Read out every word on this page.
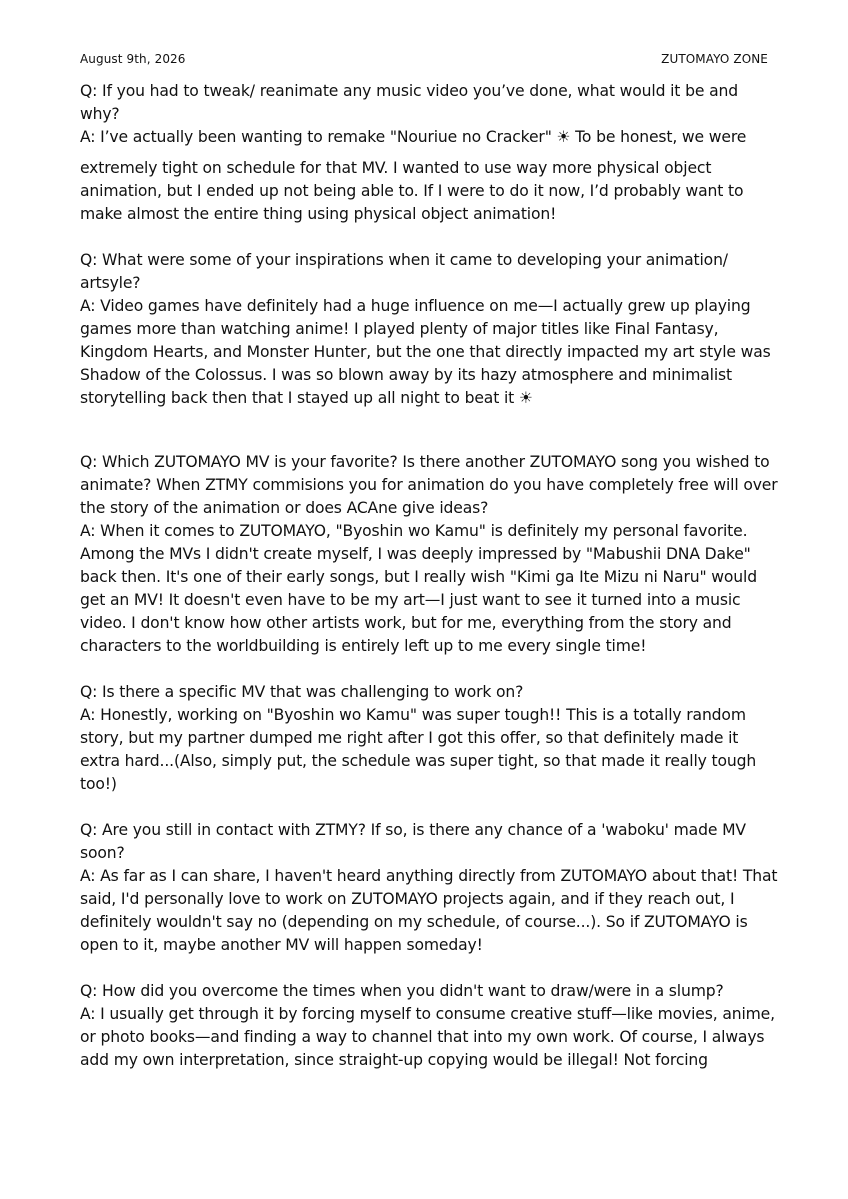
August 9th, 2026	ZUTOMAYO ZONE

Q: If you had to tweak/ reanimate any music video you’ve done, what would it be and why?

A: I’ve actually been wanting to remake "Nouriue no Cracker" ☀︎ To be honest, we were
extremely tight on schedule for that MV. I wanted to use way more physical object animation, but I ended up not being able to. If I were to do it now, I’d probably want to make almost the entire thing using physical object animation!

Q: What were some of your inspirations when it came to developing your animation/ artsyle?

A: Video games have definitely had a huge influence on me—I actually grew up playing games more than watching anime! I played plenty of major titles like Final Fantasy, Kingdom Hearts, and Monster Hunter, but the one that directly impacted my art style was Shadow of the Colossus. I was so blown away by its hazy atmosphere and minimalist storytelling back then that I stayed up all night to beat it ☀︎

Q: Which ZUTOMAYO MV is your favorite? Is there another ZUTOMAYO song you wished to animate? When ZTMY commisions you for animation do you have completely free will over the story of the animation or does ACAne give ideas?

A: When it comes to ZUTOMAYO, "Byoshin wo Kamu" is definitely my personal favorite. Among the MVs I didn't create myself, I was deeply impressed by "Mabushii DNA Dake" back then. It's one of their early songs, but I really wish "Kimi ga Ite Mizu ni Naru" would get an MV! It doesn't even have to be my art—I just want to see it turned into a music video. I don't know how other artists work, but for me, everything from the story and characters to the worldbuilding is entirely left up to me every single time!

Q: Is there a specific MV that was challenging to work on?

A: Honestly, working on "Byoshin wo Kamu" was super tough!! This is a totally random story, but my partner dumped me right after I got this offer, so that definitely made it extra hard...(Also, simply put, the schedule was super tight, so that made it really tough too!)

Q: Are you still in contact with ZTMY? If so, is there any chance of a 'waboku' made MV soon?

A: As far as I can share, I haven't heard anything directly from ZUTOMAYO about that! That said, I'd personally love to work on ZUTOMAYO projects again, and if they reach out, I definitely wouldn't say no (depending on my schedule, of course...). So if ZUTOMAYO is open to it, maybe another MV will happen someday!

Q: How did you overcome the times when you didn't want to draw/were in a slump?

A: I usually get through it by forcing myself to consume creative stuff—like movies, anime, or photo books—and finding a way to channel that into my own work. Of course, I always add my own interpretation, since straight-up copying would be illegal! Not forcing
